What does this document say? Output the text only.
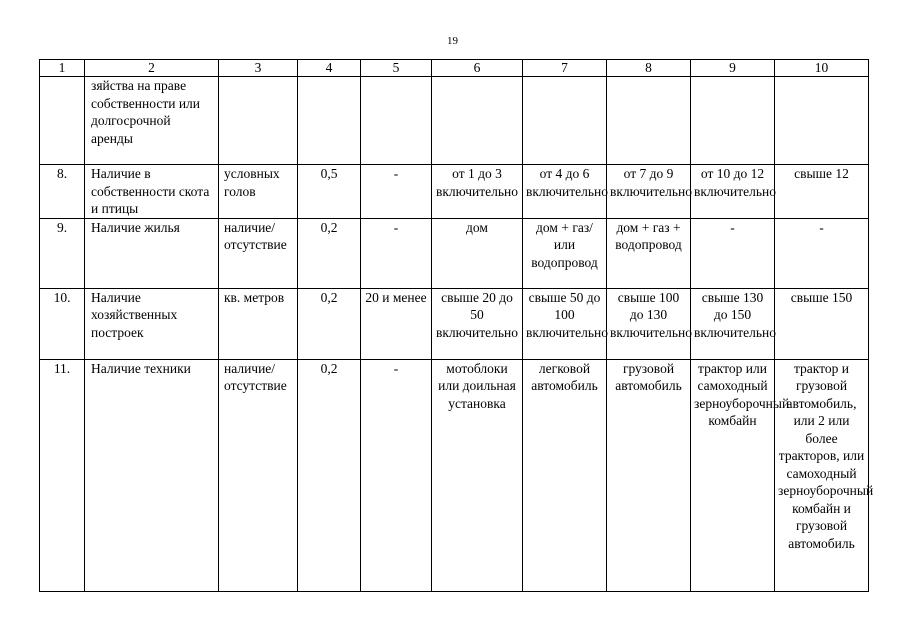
19
1	2	3	4	5	6	7	8	9	10
	зяйства на праве собственности или долгосрочной аренды								
8.	Наличие в собственности скота и птицы	условных голов	0,5	-	от 1 до 3 включительно	от 4 до 6 включительно	от 7 до 9 включительно	от 10 до 12 включительно	свыше 12
9.	Наличие жилья	наличие/ отсутствие	0,2	-	дом	дом + газ/или водопровод	дом + газ + водопровод	-	-
10.	Наличие хозяйственных построек	кв. метров	0,2	20 и менее	свыше 20 до 50 включительно	свыше 50 до 100 включительно	свыше 100 до 130 включительно	свыше 130 до 150 включительно	свыше 150
11.	Наличие техники	наличие/ отсутствие	0,2	-	мотоблоки или доильная установка	легковой автомобиль	грузовой автомобиль	трактор или самоходный зерноуборочный комбайн	трактор и грузовой автомобиль, или 2 или более тракторов, или самоходный зерноуборочный комбайн и грузовой автомобиль
